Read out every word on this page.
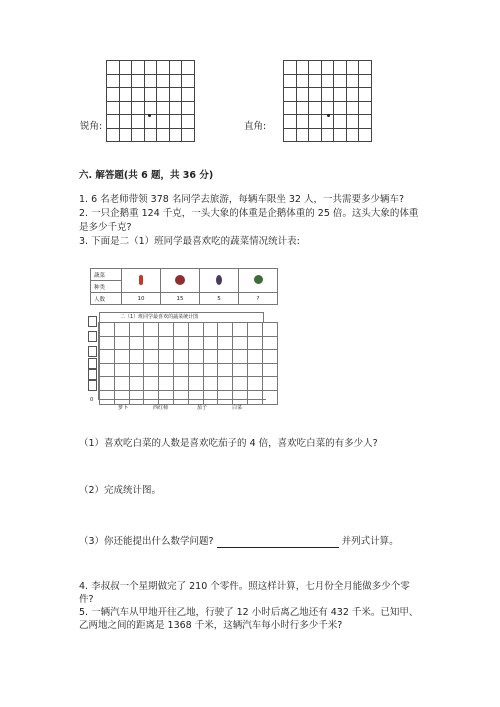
锐角:

							直角:
六. 解答题(共 6 题，共 36 分)
1. 6 名老师带领 378 名同学去旅游，每辆车限坐 32 人，一共需要多少辆车?
2. 一只企鹅重 124 千克，一头大象的体重是企鹅体重的 25 倍。这头大象的体重
是多少千克?
3. 下面是二（1）班同学最喜欢吃的蔬菜情况统计表:
蔬菜				
种类				
人数	10	15	5	?
二（1）班同学最喜欢的蔬菜统计图

0
萝卜	西红柿	茄子	白菜
（1）喜欢吃白菜的人数是喜欢吃茄子的 4 倍，喜欢吃白菜的有多少人?
（2）完成统计图。
（3）你还能提出什么数学问题?	并列式计算。
4. 李叔叔一个星期做完了 210 个零件。照这样计算，七月份全月能做多少个零
件?
5. 一辆汽车从甲地开往乙地，行驶了 12 小时后离乙地还有 432 千米。已知甲、
乙两地之间的距离是 1368 千米，这辆汽车每小时行多少千米?
